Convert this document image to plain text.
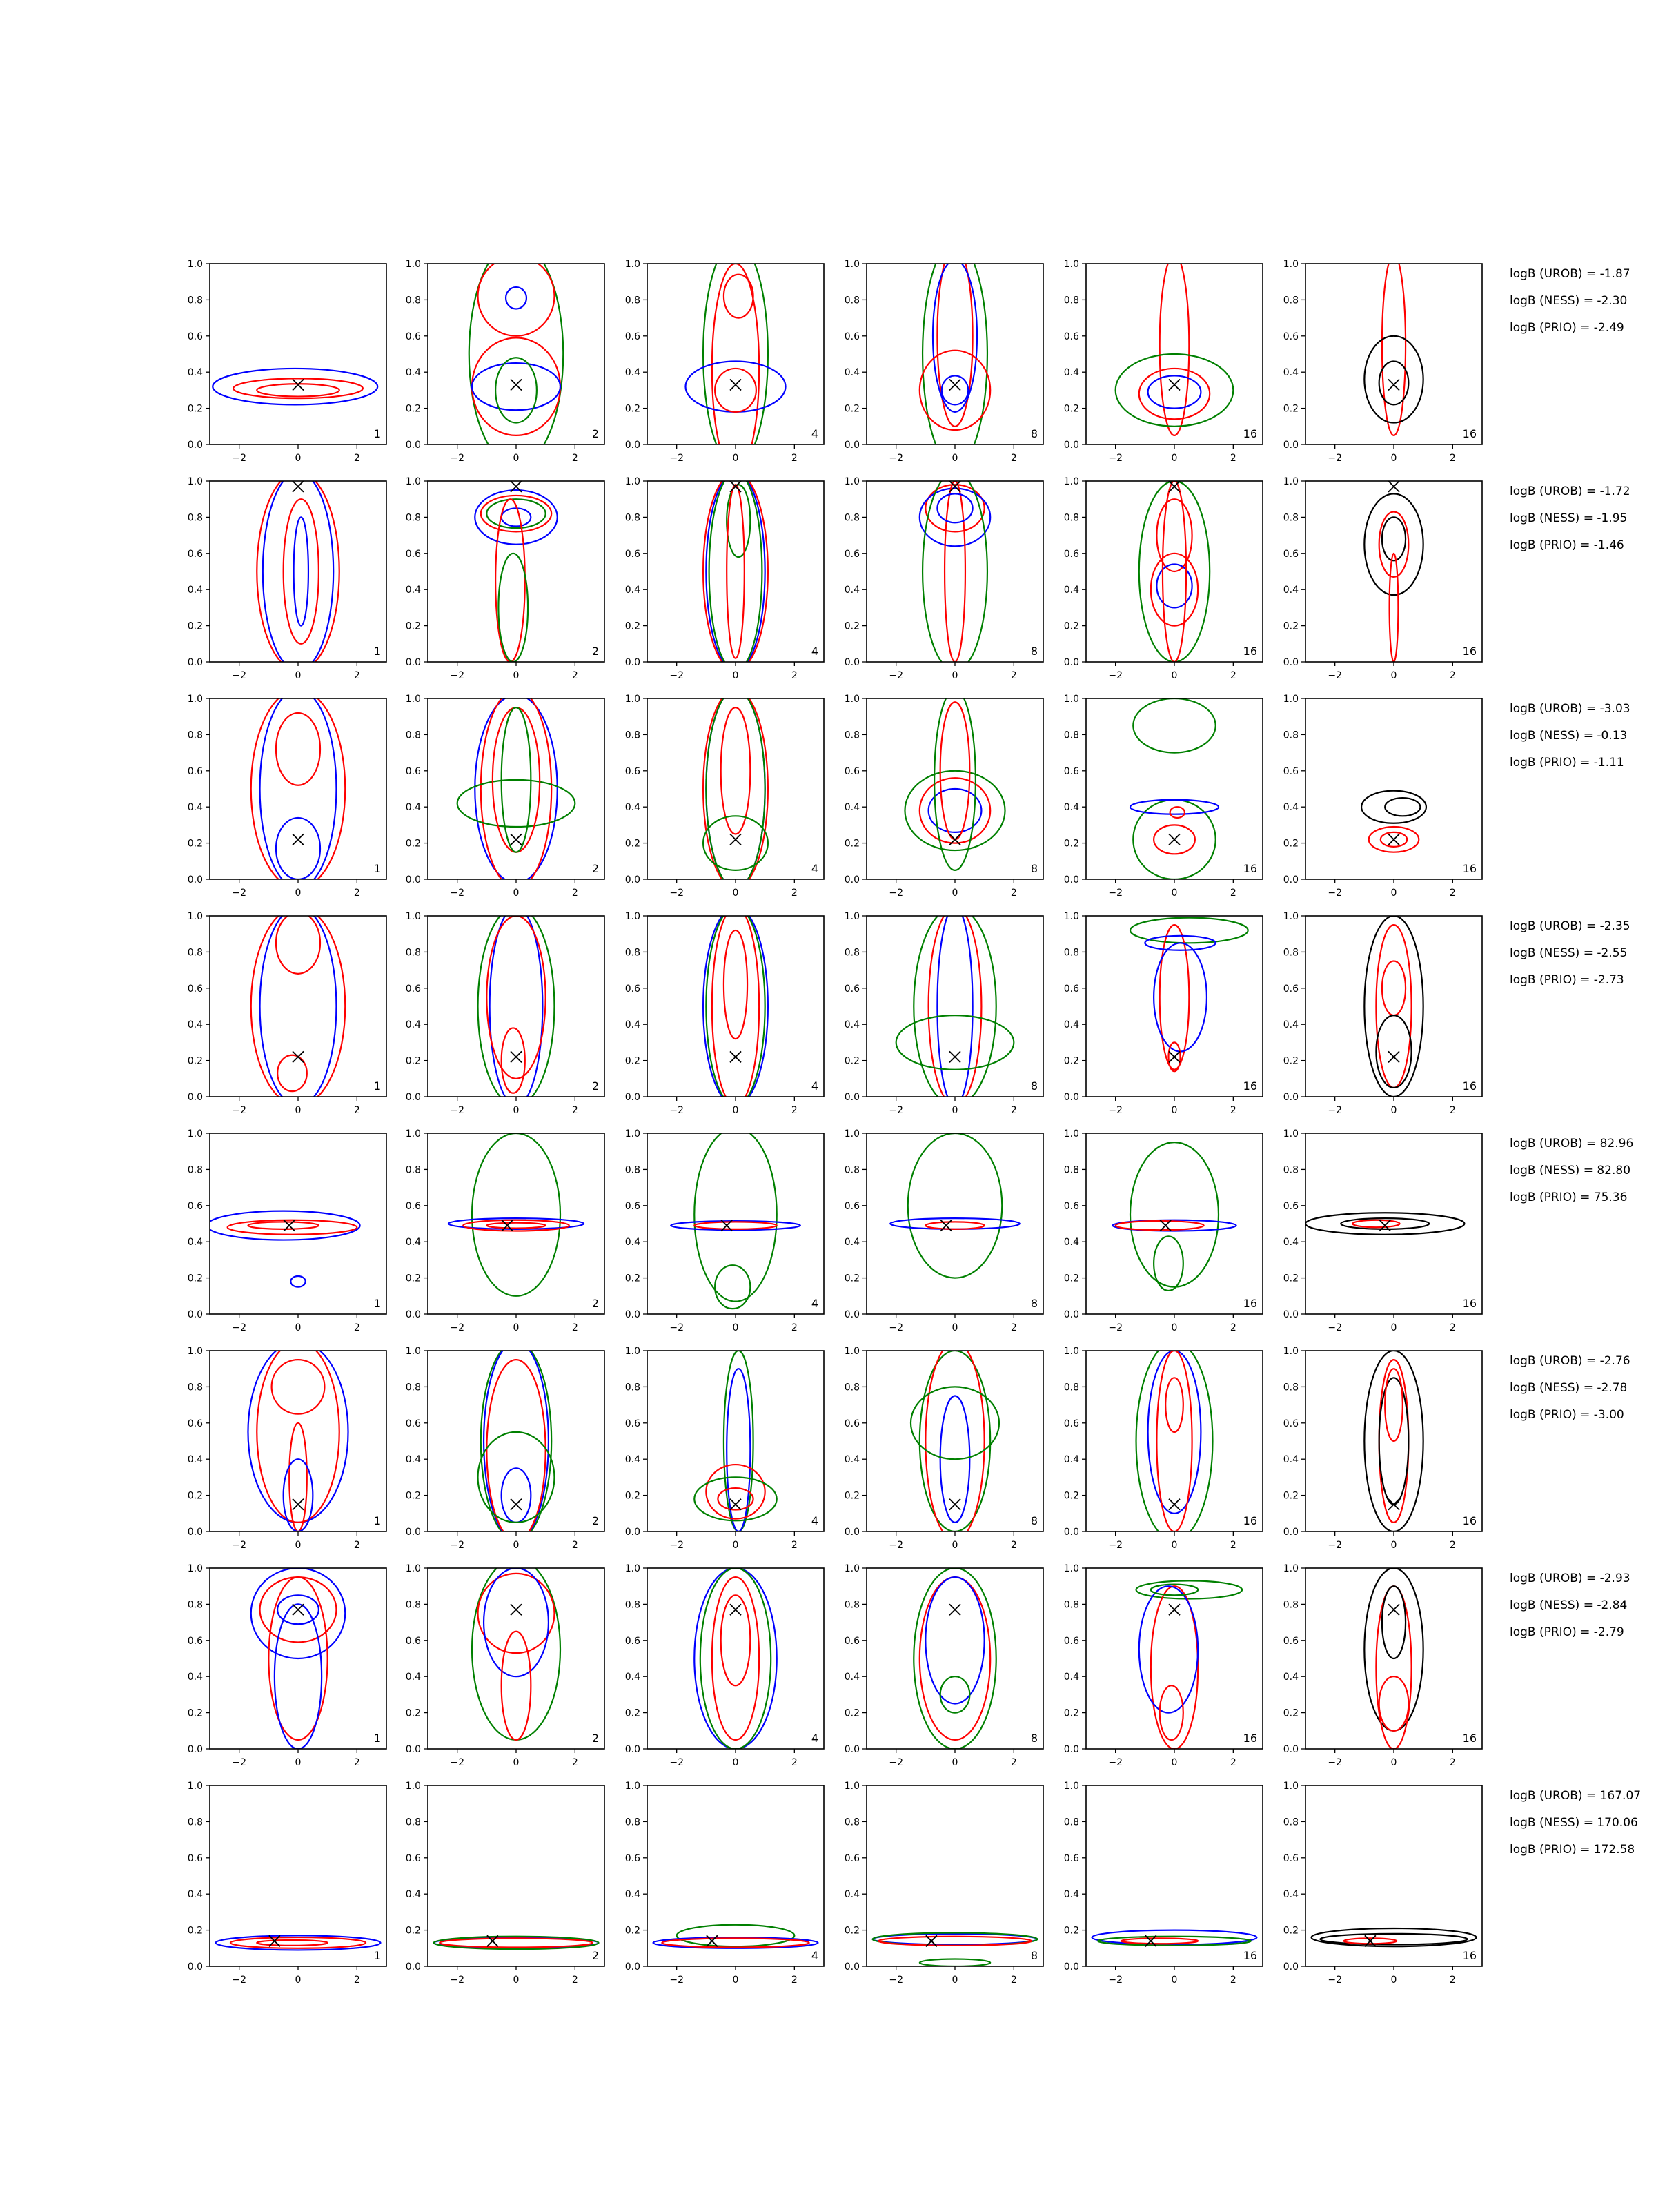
−2	0	2
0.0
0.2
0.4
0.6
0.8
1.0
1
−2	0	2
0.0
0.2
0.4
0.6
0.8
1.0
2
−2	0	2
0.0
0.2
0.4
0.6
0.8
1.0
4
−2	0	2
0.0
0.2
0.4
0.6
0.8
1.0
8
−2	0	2
0.0
0.2
0.4
0.6
0.8
1.0
16
−2	0	2
0.0
0.2
0.4
0.6
0.8
1.0
16
logB (UROB) = -1.87
logB (NESS) = -2.30
logB (PRIO) = -2.49
−2	0	2
0.0
0.2
0.4
0.6
0.8
1.0
1
−2	0	2
0.0
0.2
0.4
0.6
0.8
1.0
2
−2	0	2
0.0
0.2
0.4
0.6
0.8
1.0
4
−2	0	2
0.0
0.2
0.4
0.6
0.8
1.0
8
−2	0	2
0.0
0.2
0.4
0.6
0.8
1.0
16
−2	0	2
0.0
0.2
0.4
0.6
0.8
1.0
16
logB (UROB) = -1.72
logB (NESS) = -1.95
logB (PRIO) = -1.46
−2	0	2
0.0
0.2
0.4
0.6
0.8
1.0
1
−2	0	2
0.0
0.2
0.4
0.6
0.8
1.0
2
−2	0	2
0.0
0.2
0.4
0.6
0.8
1.0
4
−2	0	2
0.0
0.2
0.4
0.6
0.8
1.0
8
−2	0	2
0.0
0.2
0.4
0.6
0.8
1.0
16
−2	0	2
0.0
0.2
0.4
0.6
0.8
1.0
16
logB (UROB) = -3.03
logB (NESS) = -0.13
logB (PRIO) = -1.11
−2	0	2
0.0
0.2
0.4
0.6
0.8
1.0
1
−2	0	2
0.0
0.2
0.4
0.6
0.8
1.0
2
−2	0	2
0.0
0.2
0.4
0.6
0.8
1.0
4
−2	0	2
0.0
0.2
0.4
0.6
0.8
1.0
8
−2	0	2
0.0
0.2
0.4
0.6
0.8
1.0
16
−2	0	2
0.0
0.2
0.4
0.6
0.8
1.0
16
logB (UROB) = -2.35
logB (NESS) = -2.55
logB (PRIO) = -2.73
−2	0	2
0.0
0.2
0.4
0.6
0.8
1.0
1
−2	0	2
0.0
0.2
0.4
0.6
0.8
1.0
2
−2	0	2
0.0
0.2
0.4
0.6
0.8
1.0
4
−2	0	2
0.0
0.2
0.4
0.6
0.8
1.0
8
−2	0	2
0.0
0.2
0.4
0.6
0.8
1.0
16
−2	0	2
0.0
0.2
0.4
0.6
0.8
1.0
16
logB (UROB) = 82.96
logB (NESS) = 82.80
logB (PRIO) = 75.36
−2	0	2
0.0
0.2
0.4
0.6
0.8
1.0
1
−2	0	2
0.0
0.2
0.4
0.6
0.8
1.0
2
−2	0	2
0.0
0.2
0.4
0.6
0.8
1.0
4
−2	0	2
0.0
0.2
0.4
0.6
0.8
1.0
8
−2	0	2
0.0
0.2
0.4
0.6
0.8
1.0
16
−2	0	2
0.0
0.2
0.4
0.6
0.8
1.0
16
logB (UROB) = -2.76
logB (NESS) = -2.78
logB (PRIO) = -3.00
−2	0	2
0.0
0.2
0.4
0.6
0.8
1.0
1
−2	0	2
0.0
0.2
0.4
0.6
0.8
1.0
2
−2	0	2
0.0
0.2
0.4
0.6
0.8
1.0
4
−2	0	2
0.0
0.2
0.4
0.6
0.8
1.0
8
−2	0	2
0.0
0.2
0.4
0.6
0.8
1.0
16
−2	0	2
0.0
0.2
0.4
0.6
0.8
1.0
16
logB (UROB) = -2.93
logB (NESS) = -2.84
logB (PRIO) = -2.79
−2	0	2
0.0
0.2
0.4
0.6
0.8
1.0
1
−2	0	2
0.0
0.2
0.4
0.6
0.8
1.0
2
−2	0	2
0.0
0.2
0.4
0.6
0.8
1.0
4
−2	0	2
0.0
0.2
0.4
0.6
0.8
1.0
8
−2	0	2
0.0
0.2
0.4
0.6
0.8
1.0
16
−2	0	2
0.0
0.2
0.4
0.6
0.8
1.0
16
logB (UROB) = 167.07
logB (NESS) = 170.06
logB (PRIO) = 172.58
